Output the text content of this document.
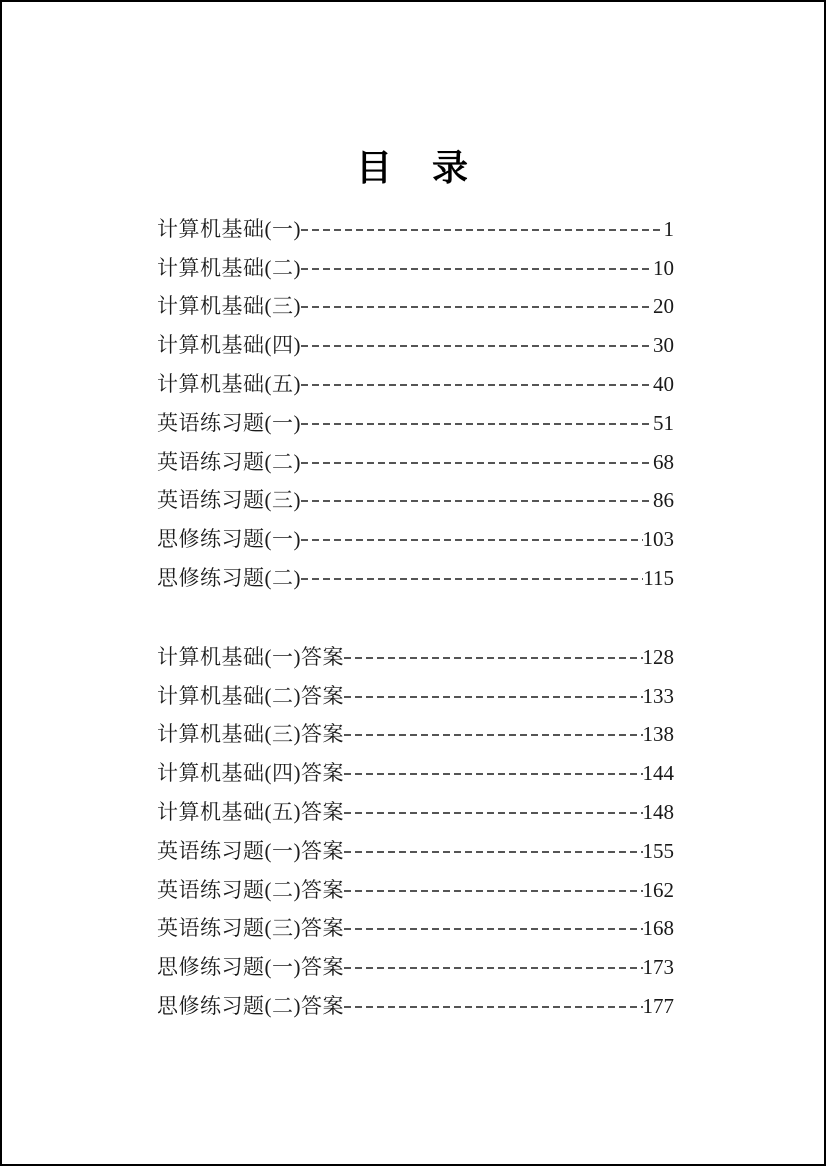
目　录
计算机基础(一)	1
计算机基础(二)	10
计算机基础(三)	20
计算机基础(四)	30
计算机基础(五)	40
英语练习题(一)	51
英语练习题(二)	68
英语练习题(三)	86
思修练习题(一)	103
思修练习题(二)	115
计算机基础(一)答案	128
计算机基础(二)答案	133
计算机基础(三)答案	138
计算机基础(四)答案	144
计算机基础(五)答案	148
英语练习题(一)答案	155
英语练习题(二)答案	162
英语练习题(三)答案	168
思修练习题(一)答案	173
思修练习题(二)答案	177
